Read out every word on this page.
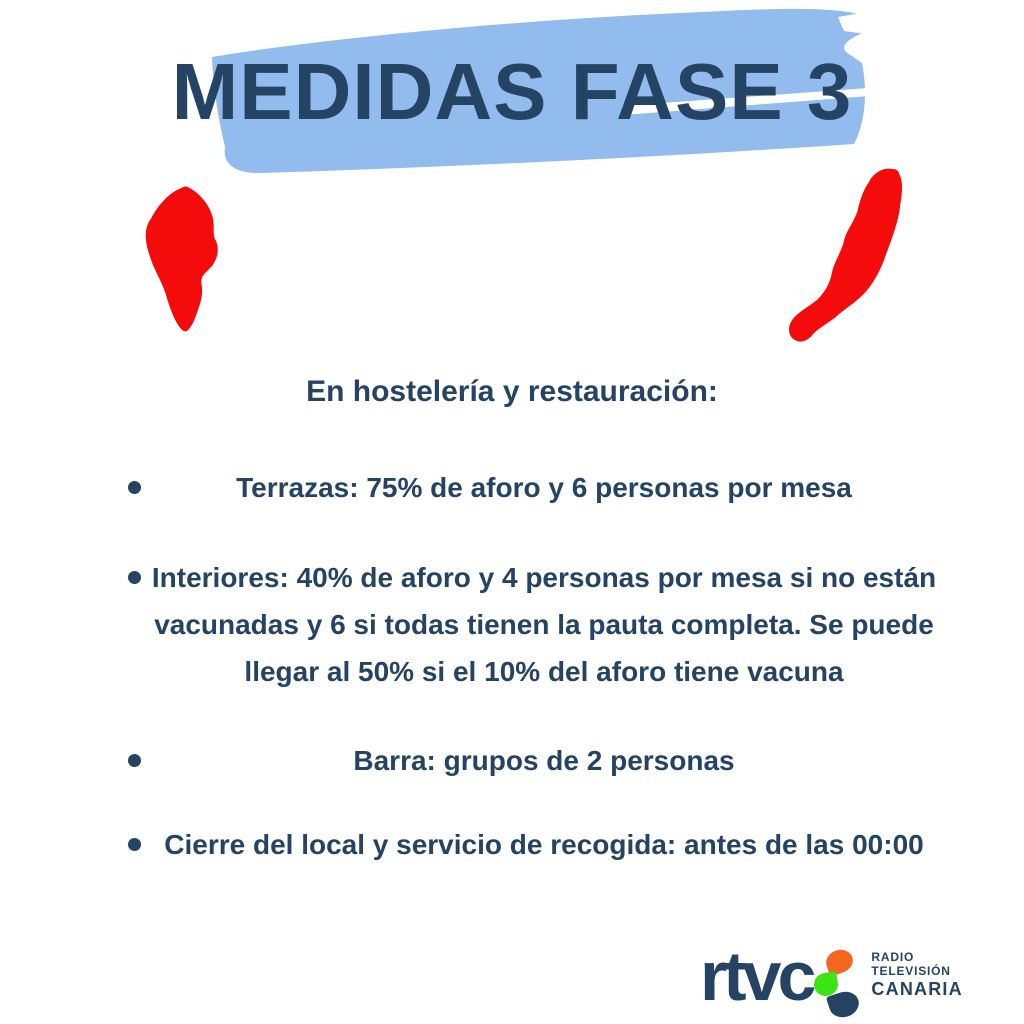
MEDIDAS FASE 3

En hostelería y restauración:

Terrazas: 75% de aforo y 6 personas por mesa
Interiores: 40% de aforo y 4 personas por mesa si no están vacunadas y 6 si todas tienen la pauta completa. Se puede llegar al 50% si el 10% del aforo tiene vacuna
Barra: grupos de 2 personas
Cierre del local y servicio de recogida: antes de las 00:00
rtvc	RADIO
TELEVISIÓN
CANARIA
